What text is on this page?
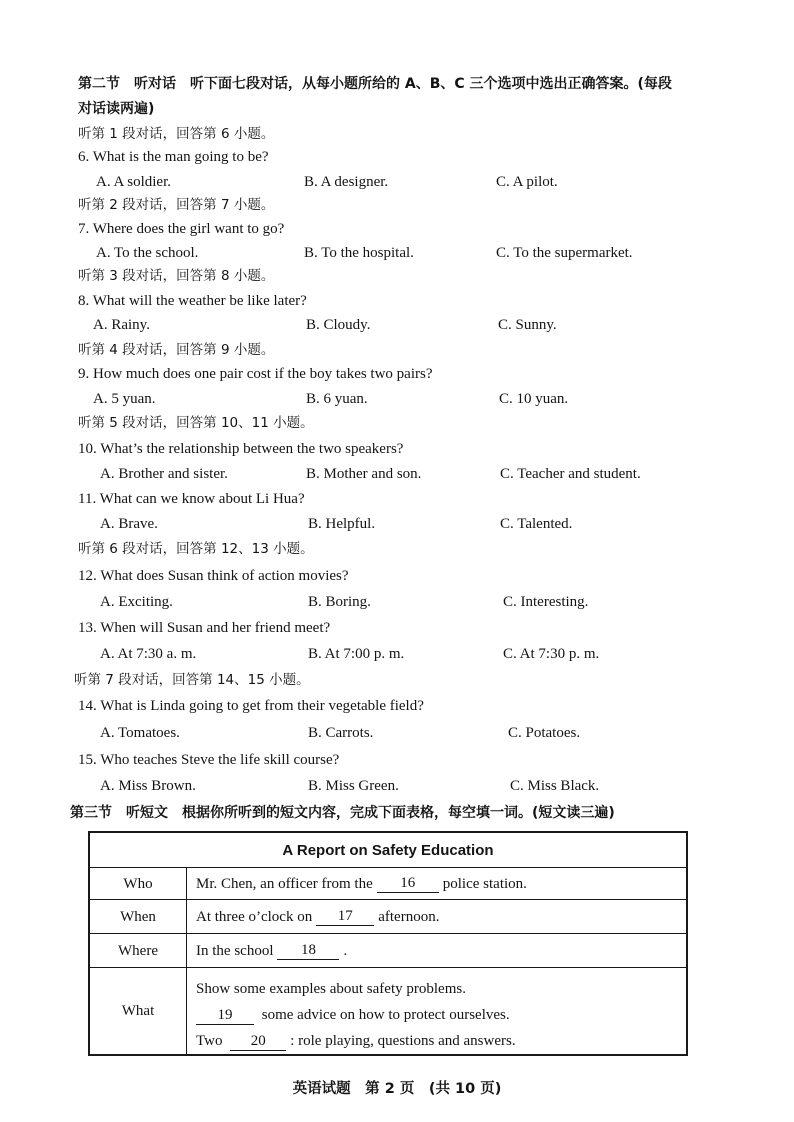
第二节　听对话　听下面七段对话，从每小题所给的 A、B、C 三个选项中选出正确答案。(每段
对话读两遍)
听第 1 段对话，回答第 6 小题。
6. What is the man going to be?
A. A soldier.	B. A designer.	C. A pilot.
听第 2 段对话，回答第 7 小题。
7. Where does the girl want to go?
A. To the school.	B. To the hospital.	C. To the supermarket.
听第 3 段对话，回答第 8 小题。
8. What will the weather be like later?
A. Rainy.	B. Cloudy.	C. Sunny.
听第 4 段对话，回答第 9 小题。
9. How much does one pair cost if the boy takes two pairs?
A. 5 yuan.	B. 6 yuan.	C. 10 yuan.
听第 5 段对话，回答第 10、11 小题。
10. What’s the relationship between the two speakers?
A. Brother and sister.	B. Mother and son.	C. Teacher and student.
11. What can we know about Li Hua?
A. Brave.	B. Helpful.	C. Talented.
听第 6 段对话，回答第 12、13 小题。
12. What does Susan think of action movies?
A. Exciting.	B. Boring.	C. Interesting.
13. When will Susan and her friend meet?
A. At 7:30 a. m.	B. At 7:00 p. m.	C. At 7:30 p. m.
听第 7 段对话，回答第 14、15 小题。
14. What is Linda going to get from their vegetable field?
A. Tomatoes.	B. Carrots.	C. Potatoes.
15. Who teaches Steve the life skill course?
A. Miss Brown.	B. Miss Green.	C. Miss Black.
第三节　听短文　根据你所听到的短文内容，完成下面表格，每空填一词。(短文读三遍)
A Report on Safety Education
Who	Mr. Chen, an officer from the	16	police station.
When	At three o’clock on	17	afternoon.
Where	In the school	18	.
What
Show some examples about safety problems.
19 some advice on how to protect ourselves.
Two 20 : role playing, questions and answers.
英语试题　第 2 页　(共 10 页)
